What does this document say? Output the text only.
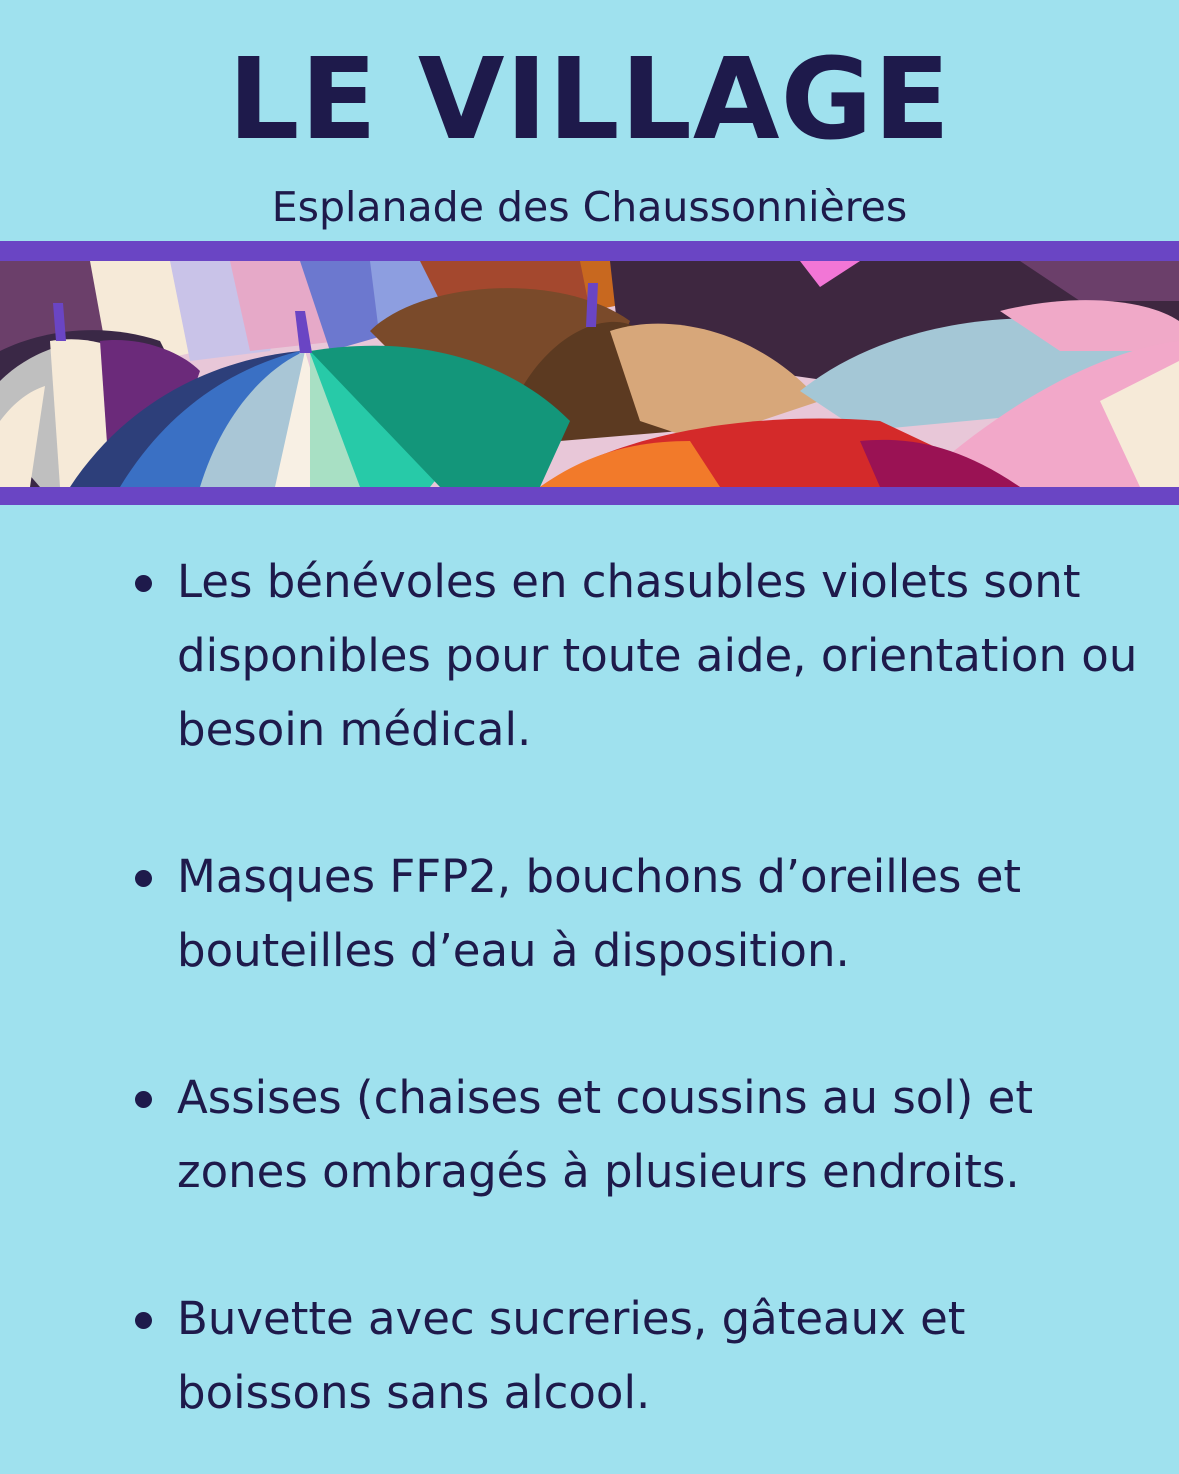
LE VILLAGE

Esplanade des Chaussonnières

Les bénévoles en chasubles violets sont disponibles pour toute aide, orientation ou besoin médical.
Masques FFP2, bouchons d’oreilles et bouteilles d’eau à disposition.
Assises (chaises et coussins au sol) et zones ombragés à plusieurs endroits.
Buvette avec sucreries, gâteaux et boissons sans alcool.
